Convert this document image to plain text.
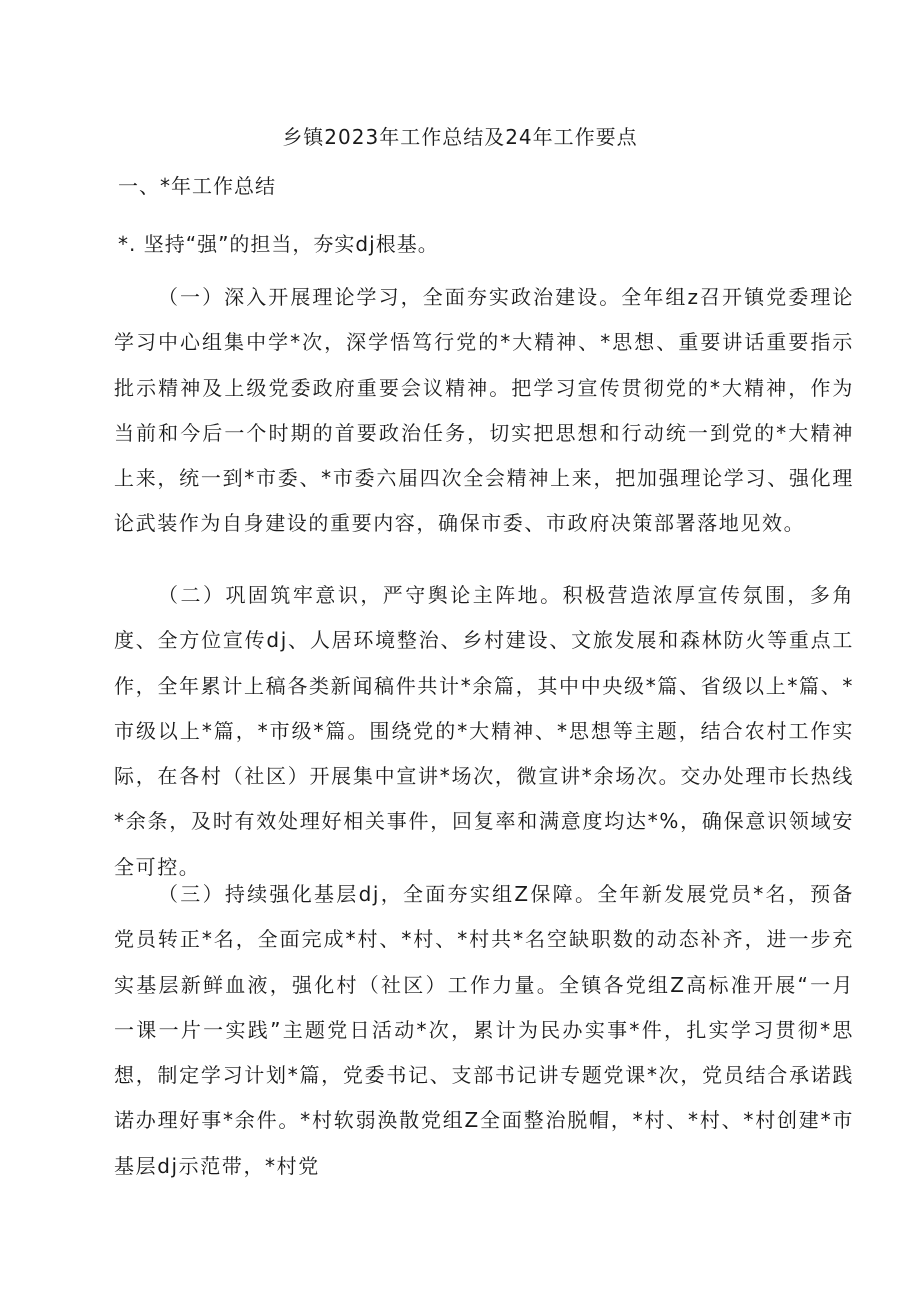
乡镇2023年工作总结及24年工作要点
一、*年工作总结
*. 坚持“强”的担当，夯实dj根基。

（一）深入开展理论学习，全面夯实政治建设。全年组z召开镇党委理论学习中心组集中学*次，深学悟笃行党的*大精神、*思想、重要讲话重要指示批示精神及上级党委政府重要会议精神。把学习宣传贯彻党的*大精神，作为当前和今后一个时期的首要政治任务，切实把思想和行动统一到党的*大精神上来，统一到*市委、*市委六届四次全会精神上来，把加强理论学习、强化理论武装作为自身建设的重要内容，确保市委、市政府决策部署落地见效。

（二）巩固筑牢意识，严守舆论主阵地。积极营造浓厚宣传氛围，多角度、全方位宣传dj、人居环境整治、乡村建设、文旅发展和森林防火等重点工作，全年累计上稿各类新闻稿件共计*余篇，其中中央级*篇、省级以上*篇、*市级以上*篇，*市级*篇。围绕党的*大精神、*思想等主题，结合农村工作实际，在各村（社区）开展集中宣讲*场次，微宣讲*余场次。交办处理市长热线*余条，及时有效处理好相关事件，回复率和满意度均达*%，确保意识领域安全可控。

（三）持续强化基层dj，全面夯实组Z保障。全年新发展党员*名，预备党员转正*名，全面完成*村、*村、*村共*名空缺职数的动态补齐，进一步充实基层新鲜血液，强化村（社区）工作力量。全镇各党组Z高标准开展“一月一课一片一实践”主题党日活动*次，累计为民办实事*件，扎实学习贯彻*思想，制定学习计划*篇，党委书记、支部书记讲专题党课*次，党员结合承诺践诺办理好事*余件。*村软弱涣散党组Z全面整治脱帽，*村、*村、*村创建*市基层dj示范带，*村党
